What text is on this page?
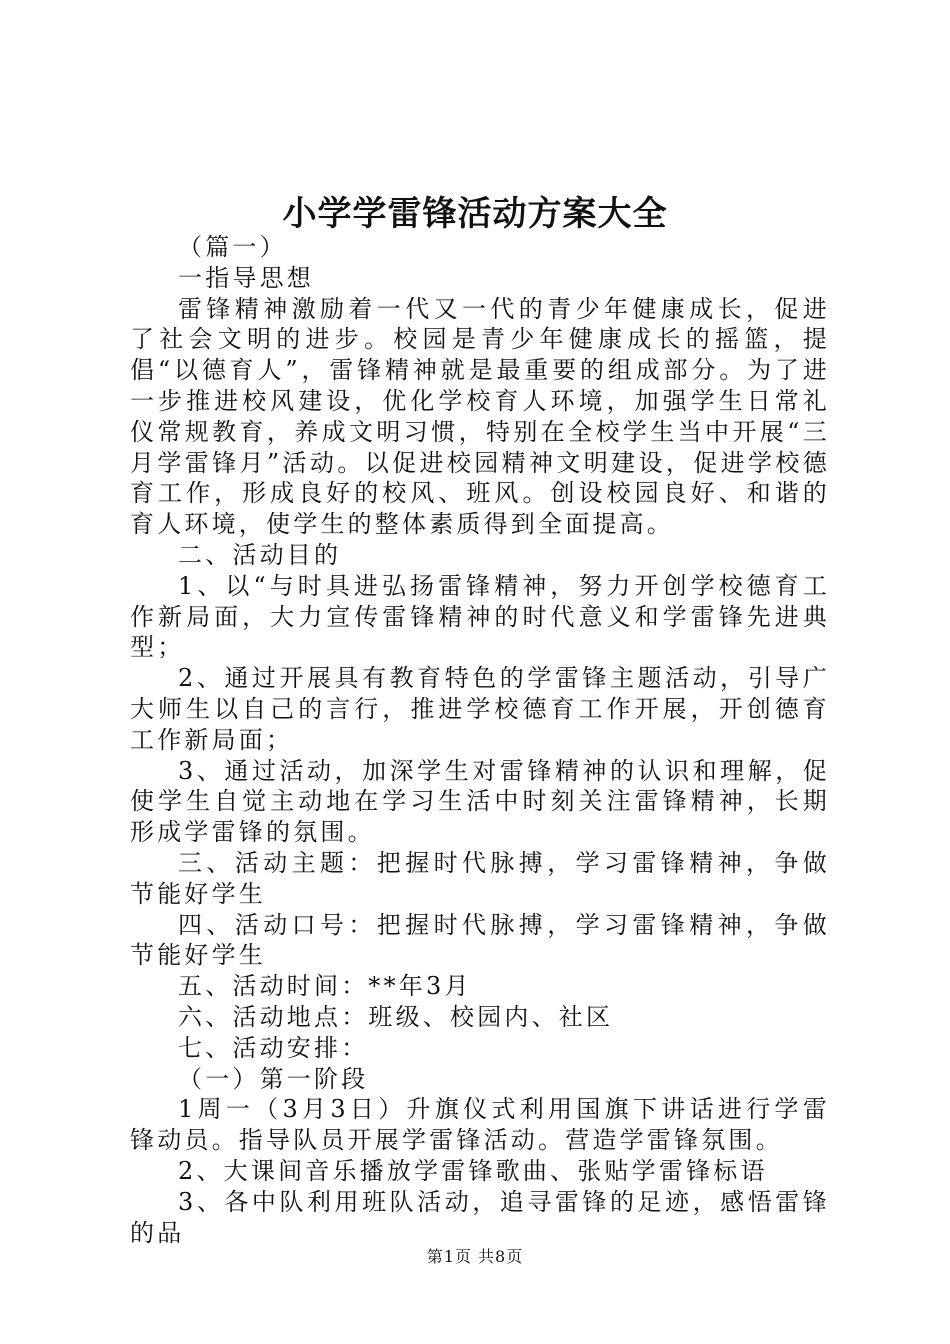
小学学雷锋活动方案大全

（篇一）

一指导思想

雷锋精神激励着一代又一代的青少年健康成长，促进了社会文明的进步。校园是青少年健康成长的摇篮，提倡“以德育人”，雷锋精神就是最重要的组成部分。为了进一步推进校风建设，优化学校育人环境，加强学生日常礼仪常规教育，养成文明习惯，特别在全校学生当中开展“三月学雷锋月”活动。以促进校园精神文明建设，促进学校德育工作，形成良好的校风、班风。创设校园良好、和谐的育人环境，使学生的整体素质得到全面提高。

二、活动目的

1、以“与时具进弘扬雷锋精神，努力开创学校德育工作新局面，大力宣传雷锋精神的时代意义和学雷锋先进典型；

2、通过开展具有教育特色的学雷锋主题活动，引导广大师生以自己的言行，推进学校德育工作开展，开创德育工作新局面；

3、通过活动，加深学生对雷锋精神的认识和理解，促使学生自觉主动地在学习生活中时刻关注雷锋精神，长期形成学雷锋的氛围。

三、活动主题：把握时代脉搏，学习雷锋精神，争做节能好学生

四、活动口号：把握时代脉搏，学习雷锋精神，争做节能好学生

五、活动时间：**年3月

六、活动地点：班级、校园内、社区

七、活动安排：

（一）第一阶段

1周一（3月3日）升旗仪式利用国旗下讲话进行学雷锋动员。指导队员开展学雷锋活动。营造学雷锋氛围。

2、大课间音乐播放学雷锋歌曲、张贴学雷锋标语

3、各中队利用班队活动，追寻雷锋的足迹，感悟雷锋的品

第1页 共8页
